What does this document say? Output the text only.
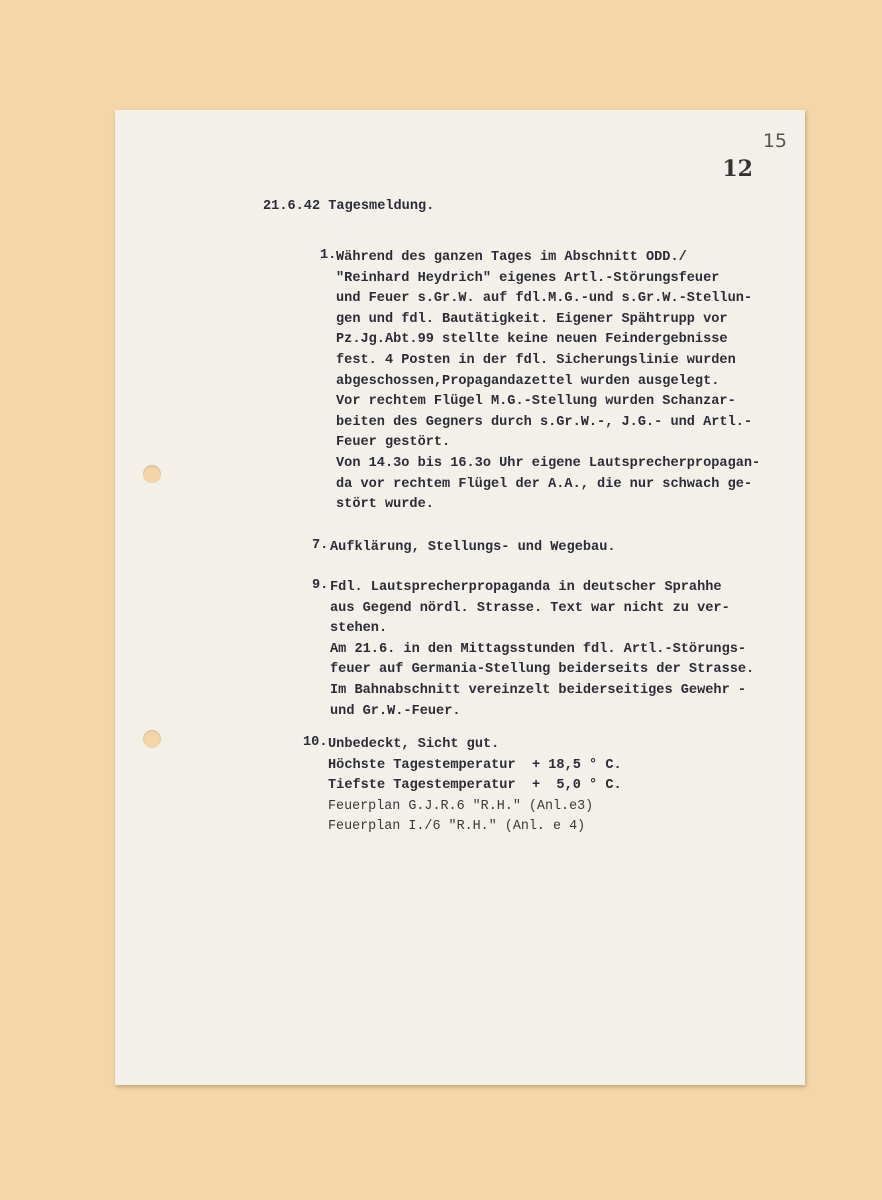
15
12
21.6.42 Tagesmeldung.
1. Während des ganzen Tages im Abschnitt ODD./
"Reinhard Heydrich" eigenes Artl.-Störungsfeuer
und Feuer s.Gr.W. auf fdl.M.G.-und s.Gr.W.-Stellun-
gen und fdl. Bautätigkeit. Eigener Spähtrupp vor
Pz.Jg.Abt.99 stellte keine neuen Feindergebnisse
fest. 4 Posten in der fdl. Sicherungslinie wurden
abgeschossen,Propagandazettel wurden ausgelegt.
Vor rechtem Flügel M.G.-Stellung wurden Schanzar-
beiten des Gegners durch s.Gr.W.-, J.G.- und Artl.-
Feuer gestört.
Von 14.3o bis 16.3o Uhr eigene Lautsprecherpropagan-
da vor rechtem Flügel der A.A., die nur schwach ge-
stört wurde.
7. Aufklärung, Stellungs- und Wegebau.
9. Fdl. Lautsprecherpropaganda in deutscher Sprahhe
aus Gegend nördl. Strasse. Text war nicht zu ver-
stehen.
Am 21.6. in den Mittagsstunden fdl. Artl.-Störungs-
feuer auf Germania-Stellung beiderseits der Strasse.
Im Bahnabschnitt vereinzelt beiderseitiges Gewehr -
und Gr.W.-Feuer.
10. Unbedeckt, Sicht gut.
Höchste Tagestemperatur  + 18,5 ° C.
Tiefste Tagestemperatur  +  5,0 ° C.
Feuerplan G.J.R.6 "R.H." (Anl.e3)
Feuerplan I./6 "R.H." (Anl. e 4)
